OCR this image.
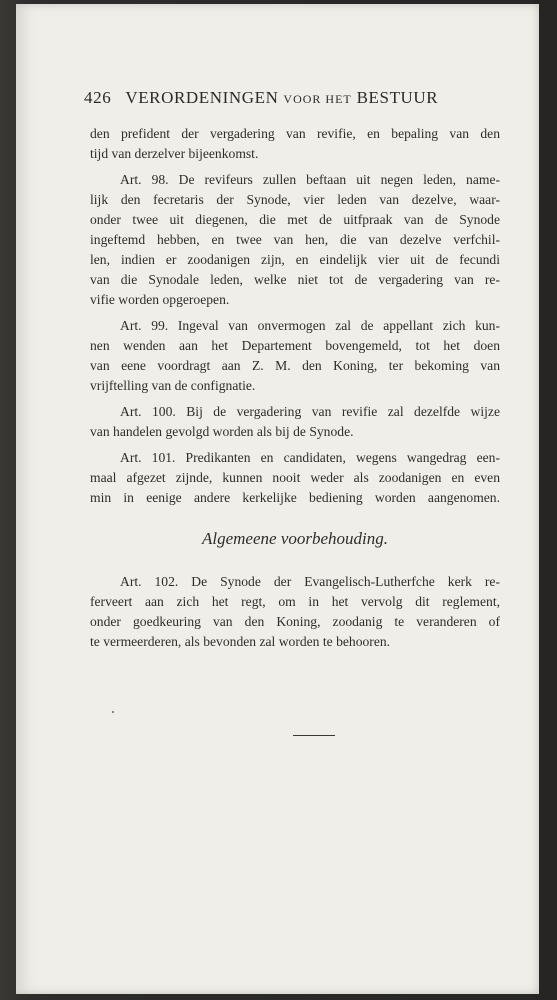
426 VERORDENINGEN VOOR HET BESTUUR
den prefident der vergadering van revifie, en bepaling van den
tijd van derzelver bijeenkomst.
Art. 98. De revifeurs zullen beftaan uit negen leden, name-
lijk den fecretaris der Synode, vier leden van dezelve, waar-
onder twee uit diegenen, die met de uitfpraak van de Synode
ingeftemd hebben, en twee van hen, die van dezelve verfchil-
len, indien er zoodanigen zijn, en eindelijk vier uit de fecundi
van die Synodale leden, welke niet tot de vergadering van re-
vifie worden opgeroepen.
Art. 99. Ingeval van onvermogen zal de appellant zich kun-
nen wenden aan het Departement bovengemeld, tot het doen
van eene voordragt aan Z. M. den Koning, ter bekoming van
vrijftelling van de confignatie.
Art. 100. Bij de vergadering van revifie zal dezelfde wijze
van handelen gevolgd worden als bij de Synode.
Art. 101. Predikanten en candidaten, wegens wangedrag een-
maal afgezet zijnde, kunnen nooit weder als zoodanigen en even
min in eenige andere kerkelijke bediening worden aangenomen.
Algemeene voorbehouding.
Art. 102. De Synode der Evangelisch-Lutherfche kerk re-
ferveert aan zich het regt, om in het vervolg dit reglement,
onder goedkeuring van den Koning, zoodanig te veranderen of
te vermeerderen, als bevonden zal worden te behooren.
